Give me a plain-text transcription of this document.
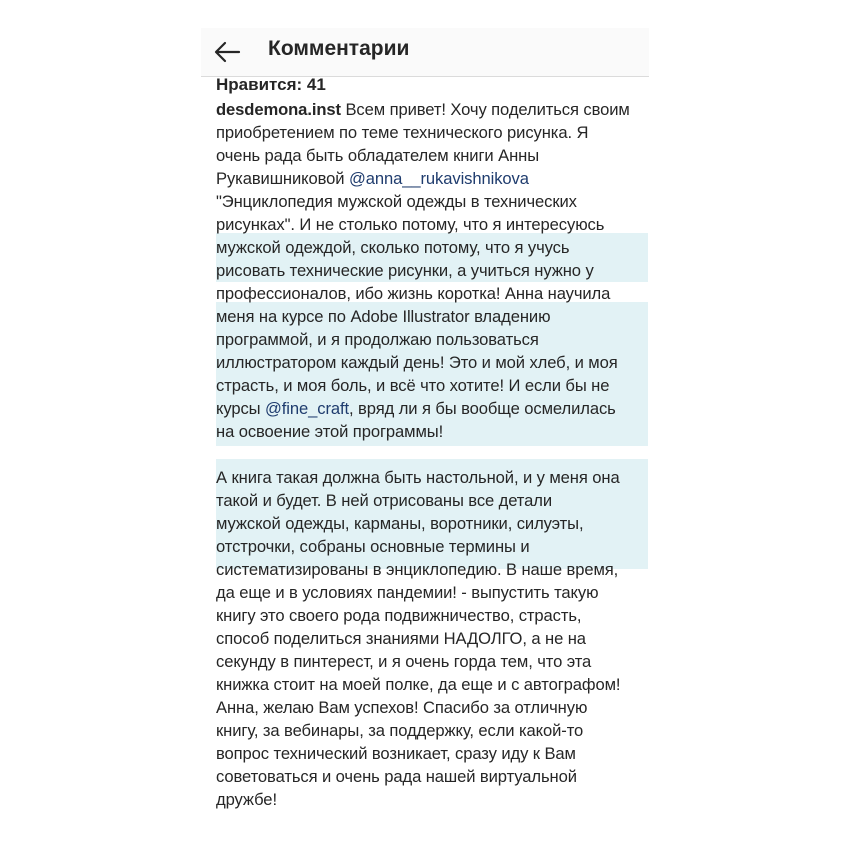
Комментарии
Нравится: 41
desdemona.inst Всем привет! Хочу поделиться своим
приобретением по теме технического рисунка. Я
очень рада быть обладателем книги Анны
Рукавишниковой @anna__rukavishnikova
"Энциклопедия мужской одежды в технических
рисунках". И не столько потому, что я интересуюсь
мужской одеждой, сколько потому, что я учусь
рисовать технические рисунки, а учиться нужно у
профессионалов, ибо жизнь коротка! Анна научила
меня на курсе по Adobe Illustrator владению
программой, и я продолжаю пользоваться
иллюстратором каждый день! Это и мой хлеб, и моя
страсть, и моя боль, и всё что хотите! И если бы не
курсы @fine_craft, вряд ли я бы вообще осмелилась
на освоение этой программы!
А книга такая должна быть настольной, и у меня она
такой и будет. В ней отрисованы все детали
мужской одежды, карманы, воротники, силуэты,
отстрочки, собраны основные термины и
систематизированы в энциклопедию. В наше время,
да еще и в условиях пандемии! - выпустить такую
книгу это своего рода подвижничество, страсть,
способ поделиться знаниями НАДОЛГО, а не на
секунду в пинтерест, и я очень горда тем, что эта
книжка стоит на моей полке, да еще и с автографом!
Анна, желаю Вам успехов! Спасибо за отличную
книгу, за вебинары, за поддержку, если какой-то
вопрос технический возникает, сразу иду к Вам
советоваться и очень рада нашей виртуальной
дружбе!
